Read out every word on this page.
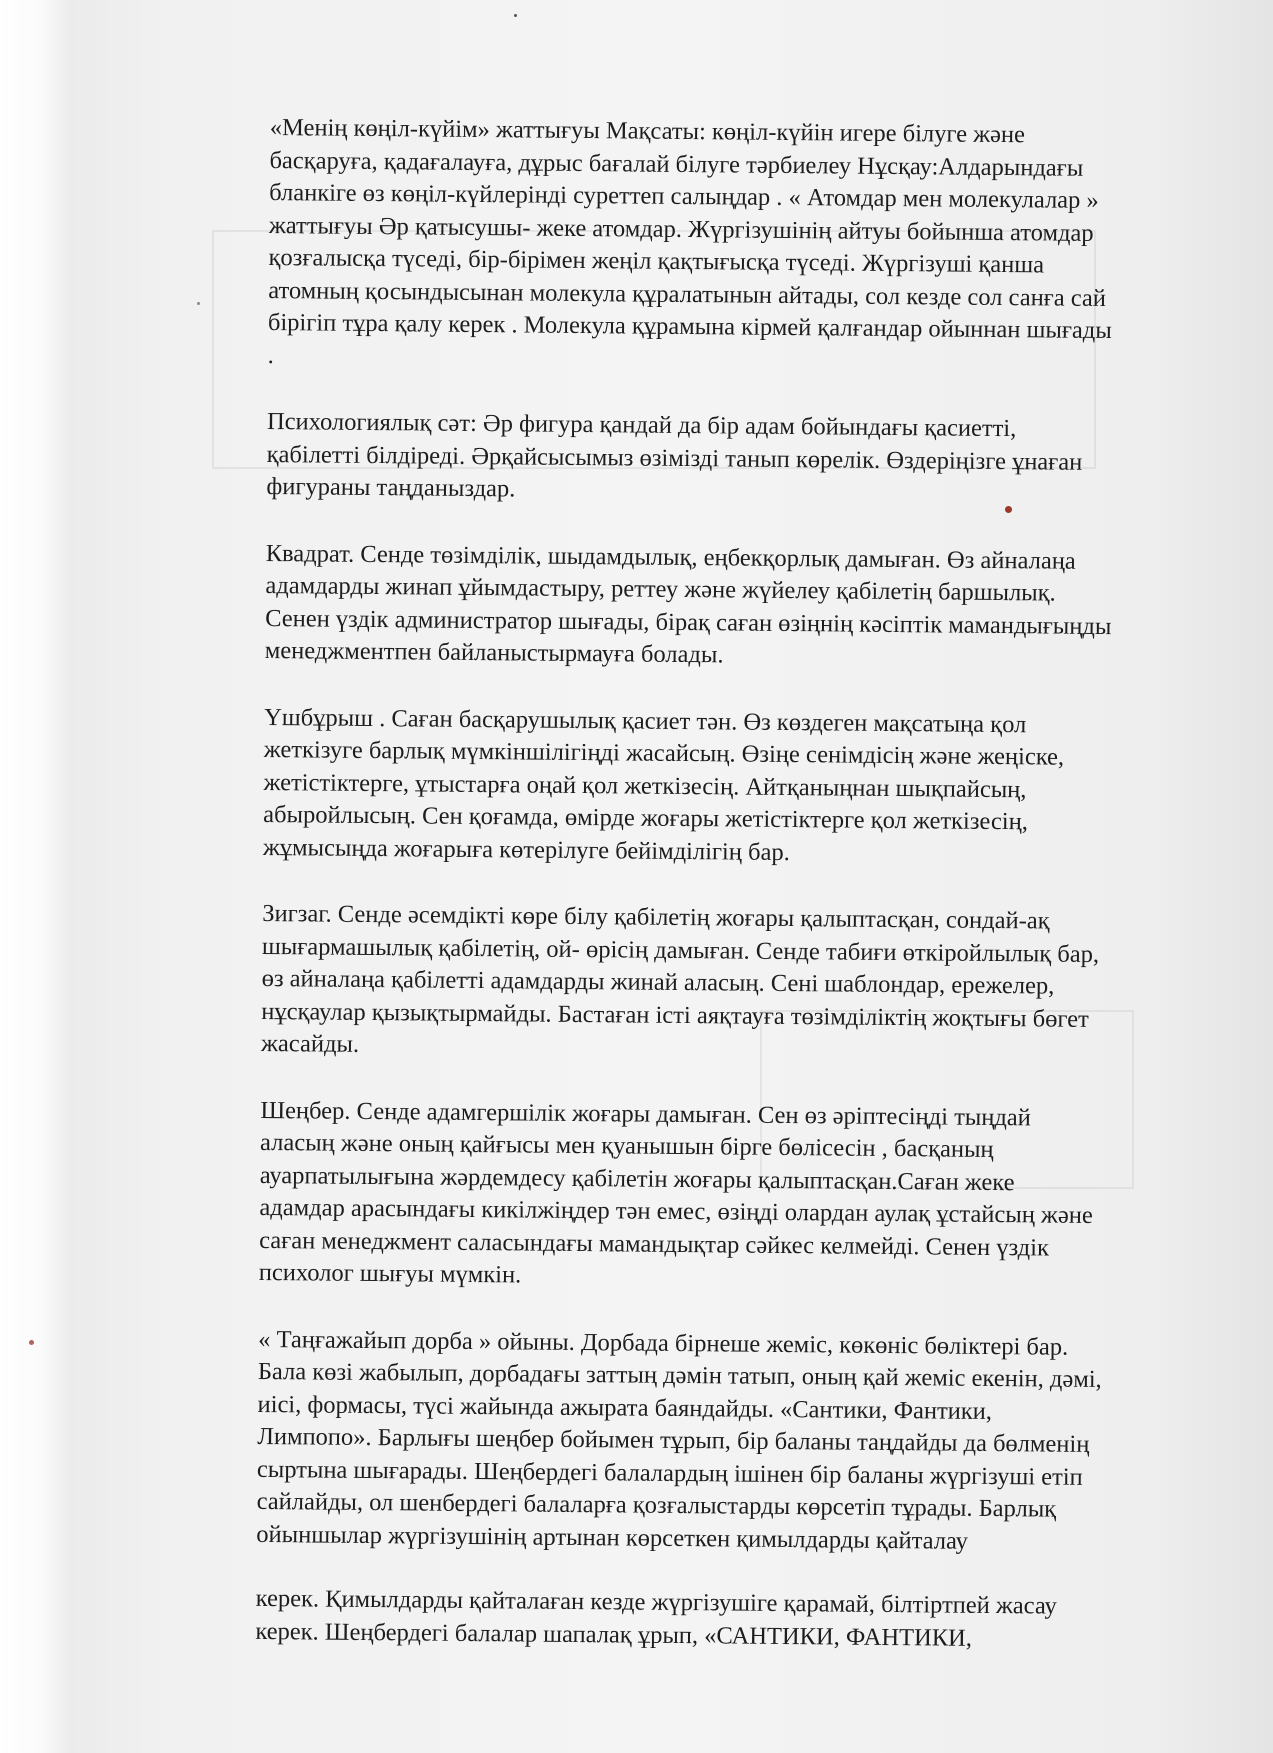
«Менің көңіл-күйім» жаттығуы Мақсаты: көңіл-күйін игере білуге және
басқаруға, қадағалауға, дұрыс бағалай білуге тәрбиелеу Нұсқау:Алдарындағы
бланкіге өз көңіл-күйлерінді суреттеп салыңдар . « Атомдар мен молекулалар »
жаттығуы Әр қатысушы- жеке атомдар. Жүргізушінің айтуы бойынша атомдар
қозғалысқа түседі, бір-бірімен жеңіл қақтығысқа түседі. Жүргізуші қанша
атомның қосындысынан молекула құралатынын айтады, сол кезде сол санға сай
бірігіп тұра қалу керек . Молекула құрамына кірмей қалғандар ойыннан шығады
.

Психологиялық сәт: Әр фигура қандай да бір адам бойындағы қасиетті,
қабілетті білдіреді. Әрқайсысымыз өзімізді танып көрелік. Өздеріңізге ұнаған
фигураны таңданыздар.

Квадрат. Сенде төзімділік, шыдамдылық, еңбекқорлық дамыған. Өз айналаңа
адамдарды жинап ұйымдастыру, реттеу және жүйелеу қабілетің баршылық.
Сенен үздік администратор шығады, бірақ саған өзіңнің кәсіптік мамандығыңды
менеджментпен байланыстырмауға болады.

Үшбұрыш . Саған басқарушылық қасиет тән. Өз көздеген мақсатыңа қол
жеткізуге барлық мүмкіншілігіңді жасайсың. Өзіңе сенімдісің және жеңіске,
жетістіктерге, ұтыстарға оңай қол жеткізесің. Айтқаныңнан шықпайсың,
абыройлысың. Сен қоғамда, өмірде жоғары жетістіктерге қол жеткізесің,
жұмысыңда жоғарыға көтерілуге бейімділігің бар.

Зигзаг. Сенде әсемдікті көре білу қабілетің жоғары қалыптасқан, сондай-ақ
шығармашылық қабілетің, ой- өрісің дамыған. Сенде табиғи өткіройлылық бар,
өз айналаңа қабілетті адамдарды жинай аласың. Сені шаблондар, ережелер,
нұсқаулар қызықтырмайды. Бастаған істі аяқтауға төзімділіктің жоқтығы бөгет
жасайды.

Шеңбер. Сенде адамгершілік жоғары дамыған. Сен өз әріптесіңді тыңдай
аласың және оның қайғысы мен қуанышын бірге бөлісесін , басқаның
ауарпатылығына жәрдемдесу қабілетін жоғары қалыптасқан.Саған жеке
адамдар арасындағы кикілжіңдер тән емес, өзіңді олардан аулақ ұстайсың және
саған менеджмент саласындағы мамандықтар сәйкес келмейді. Сенен үздік
психолог шығуы мүмкін.

« Таңғажайып дорба » ойыны. Дорбада бірнеше жеміс, көкөніс бөліктері бар.
Бала көзі жабылып, дорбадағы заттың дәмін татып, оның қай жеміс екенін, дәмі,
иісі, формасы, түсі жайында ажырата баяндайды. «Сантики, Фантики,
Лимпопо». Барлығы шеңбер бойымен тұрып, бір баланы таңдайды да бөлменің
сыртына шығарады. Шеңбердегі балалардың ішінен бір баланы жүргізуші етіп
сайлайды, ол шенбердегі балаларға қозғалыстарды көрсетіп тұрады. Барлық
ойыншылар жүргізушінің артынан көрсеткен қимылдарды қайталау

керек. Қимылдарды қайталаған кезде жүргізушіге қарамай, білтіртпей жасау
керек. Шеңбердегі балалар шапалақ ұрып, «САНТИКИ, ФАНТИКИ,
